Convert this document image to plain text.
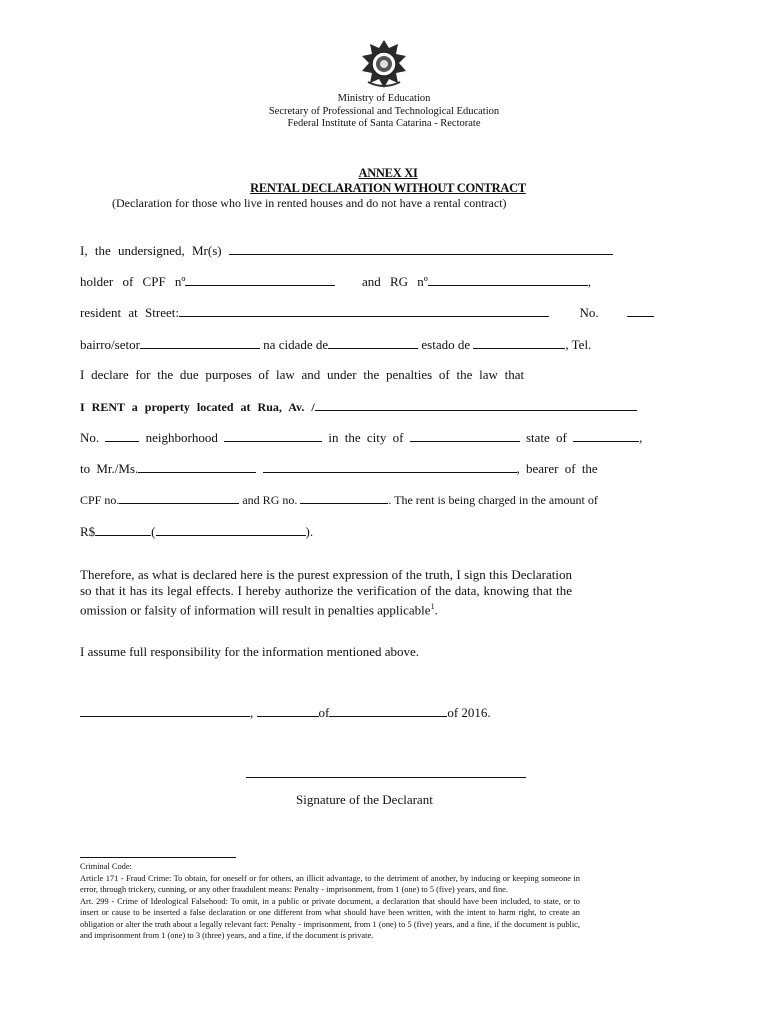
Ministry of Education
Secretary of Professional and Technological Education
Federal Institute of Santa Catarina - Rectorate
ANNEX XI
RENTAL DECLARATION WITHOUT CONTRACT
(Declaration for those who live in rented houses and do not have a rental contract)
I, the undersigned, Mr(s)
holder of CPF nº	and RG nº	,
resident at Street:	No.
bairro/setor	na cidade de	estado de	, Tel.
I declare for the due purposes of law and under the penalties of the law that
I RENT a property located at Rua, Av. /
No.	neighborhood	in the city of	state of	,
to Mr./Ms.	, bearer of the
CPF no.	and RG no.	. The rent is being charged in the amount of
R$	(	).
Therefore, as what is declared here is the purest expression of the truth, I sign this Declaration so that it has its legal effects. I hereby authorize the verification of the data, knowing that the omission or falsity of information will result in penalties applicable$^1$.
I assume full responsibility for the information mentioned above.
,	of	of 2016.
Signature of the Declarant
Criminal Code:
Article 171 - Fraud Crime: To obtain, for oneself or for others, an illicit advantage, to the detriment of another, by inducing or keeping someone in error, through trickery, cunning, or any other fraudulent means: Penalty - imprisonment, from 1 (one) to 5 (five) years, and fine.
Art. 299 - Crime of Ideological Falsehood: To omit, in a public or private document, a declaration that should have been included, to state, or to insert or cause to be inserted a false declaration or one different from what should have been written, with the intent to harm right, to create an obligation or alter the truth about a legally relevant fact: Penalty - imprisonment, from 1 (one) to 5 (five) years, and a fine, if the document is public, and imprisonment from 1 (one) to 3 (three) years, and a fine, if the document is private.
